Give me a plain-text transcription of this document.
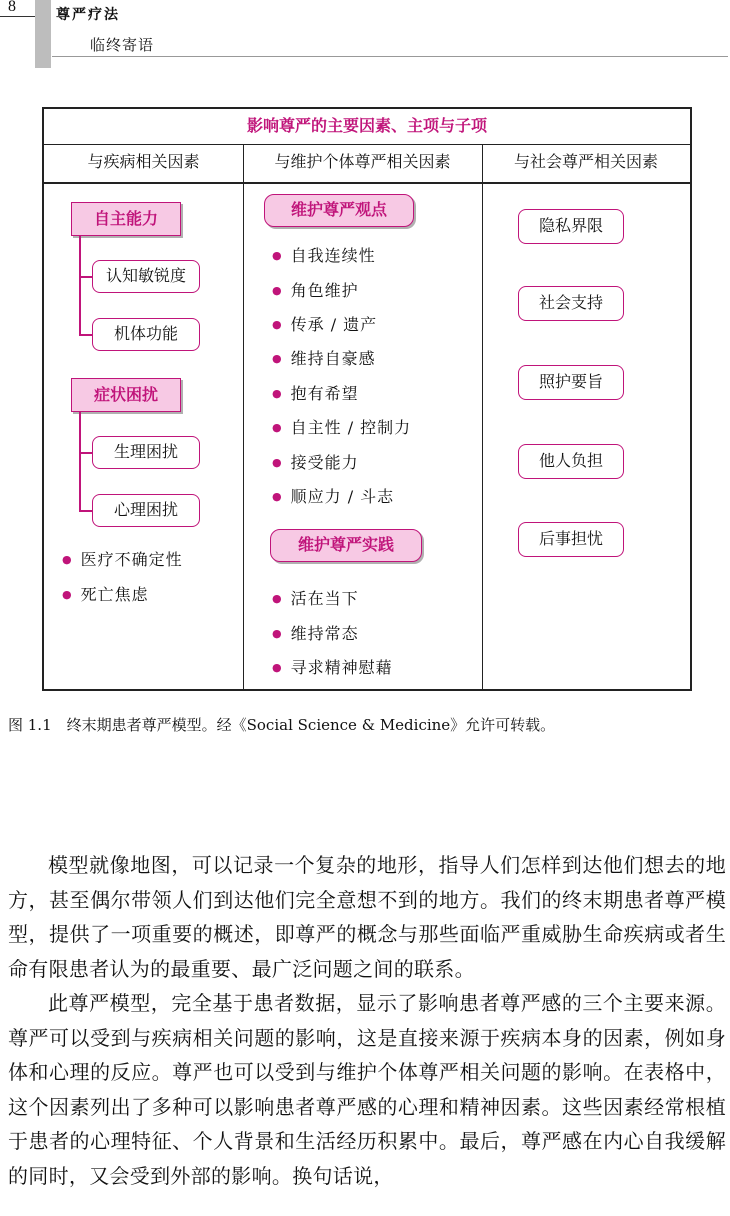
8	尊严疗法
临终寄语
影响尊严的主要因素、主项与子项
与疾病相关因素	与维护个体尊严相关因素	与社会尊严相关因素
自主能力
认知敏锐度
机体功能
症状困扰
生理困扰
心理困扰
● 医疗不确定性
● 死亡焦虑
维护尊严观点
● 自我连续性
● 角色维护
● 传承 / 遗产
● 维持自豪感
● 抱有希望
● 自主性 / 控制力
● 接受能力
● 顺应力 / 斗志
维护尊严实践
● 活在当下
● 维持常态
● 寻求精神慰藉
隐私界限
社会支持
照护要旨
他人负担
后事担忧
图 1.1　终末期患者尊严模型。经《Social Science & Medicine》允许可转载。

模型就像地图，可以记录一个复杂的地形，指导人们怎样到达他们想去的地方，甚至偶尔带领人们到达他们完全意想不到的地方。我们的终末期患者尊严模型，提供了一项重要的概述，即尊严的概念与那些面临严重威胁生命疾病或者生命有限患者认为的最重要、最广泛问题之间的联系。

此尊严模型，完全基于患者数据，显示了影响患者尊严感的三个主要来源。尊严可以受到与疾病相关问题的影响，这是直接来源于疾病本身的因素，例如身体和心理的反应。尊严也可以受到与维护个体尊严相关问题的影响。在表格中，这个因素列出了多种可以影响患者尊严感的心理和精神因素。这些因素经常根植于患者的心理特征、个人背景和生活经历积累中。最后，尊严感在内心自我缓解的同时，又会受到外部的影响。换句话说，
